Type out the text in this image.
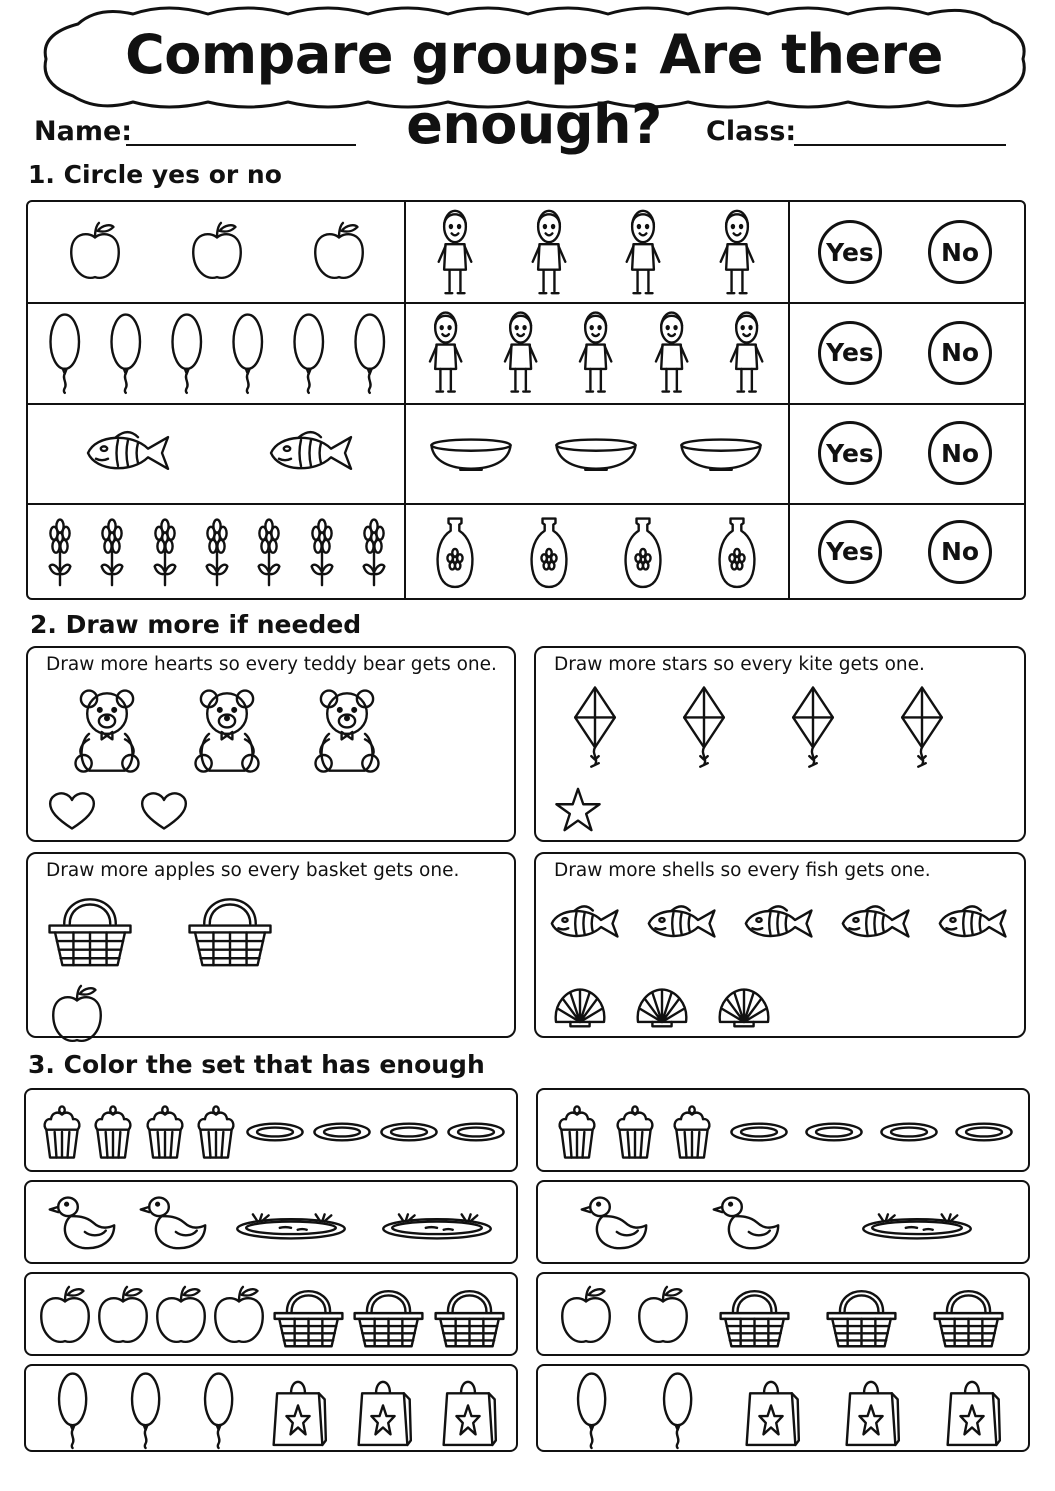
Compare groups: Are there enough?
Name:	Class:
1. Circle yes or no
Yes	No
Yes	No
Yes	No
Yes	No
2. Draw more if needed
Draw more hearts so every teddy bear gets one.	Draw more stars so every kite gets one.
Draw more apples so every basket gets one.	Draw more shells so every fish gets one.
3. Color the set that has enough
